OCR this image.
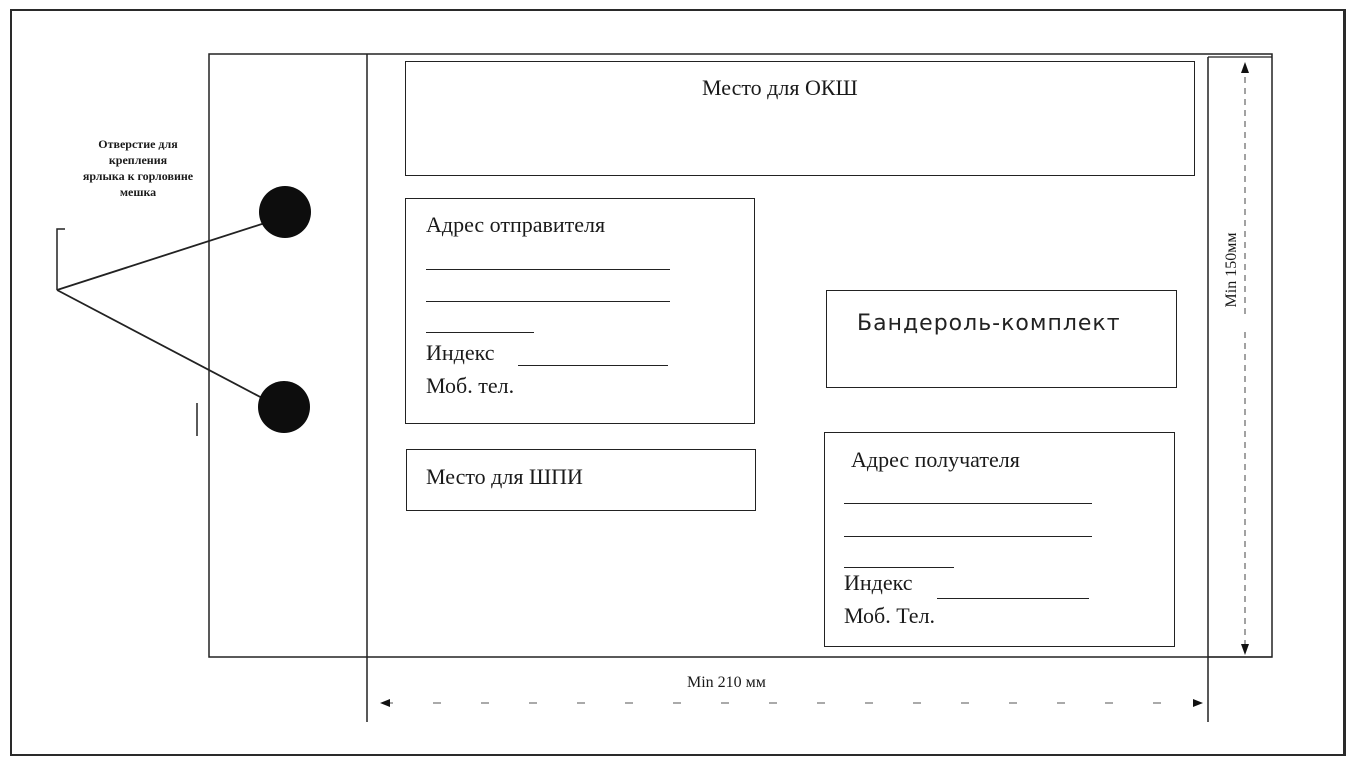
Отверстие для
крепления
ярлыка к горловине
мешка
Место для ОКШ
Адрес отправителя
Индекс
Моб. тел.
Место для ШПИ
Бандероль-комплект
Адрес получателя
Индекс
Моб. Тел.
Min 210 мм
Min 150мм
